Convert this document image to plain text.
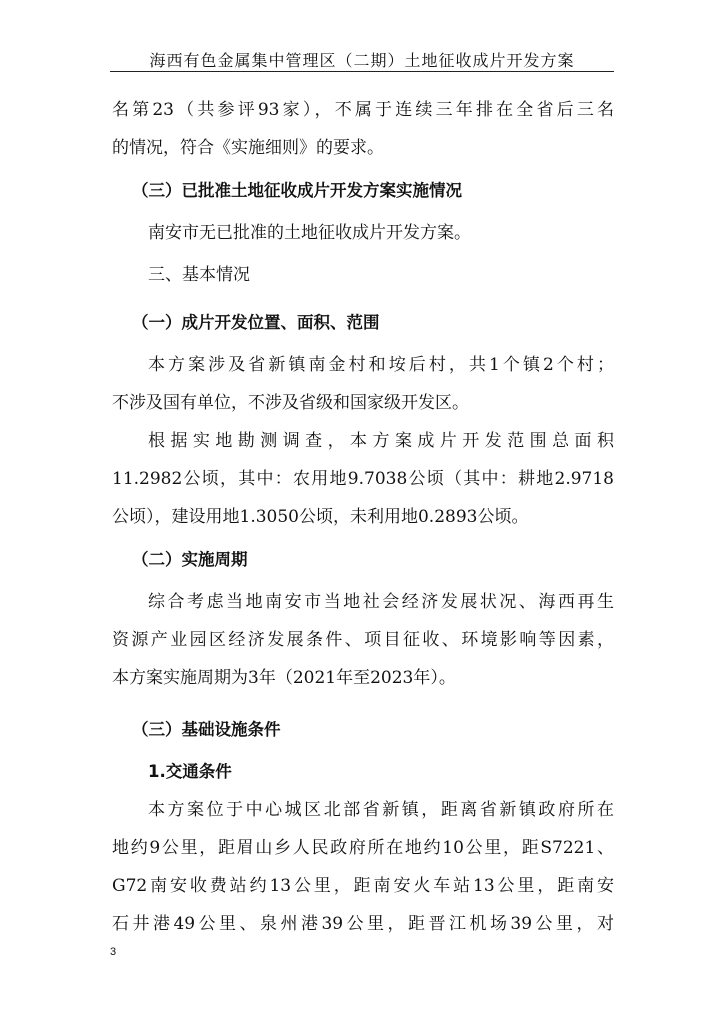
海西有色金属集中管理区（二期）土地征收成片开发方案
名第23（共参评93家），不属于连续三年排在全省后三名
的情况，符合《实施细则》的要求。
（三）已批准土地征收成片开发方案实施情况
南安市无已批准的土地征收成片开发方案。
三、基本情况
（一）成片开发位置、面积、范围
本方案涉及省新镇南金村和垵后村，共1个镇2个村；
不涉及国有单位，不涉及省级和国家级开发区。
根据实地勘测调查，本方案成片开发范围总面积
11.2982公顷，其中：农用地9.7038公顷（其中：耕地2.9718
公顷），建设用地1.3050公顷，未利用地0.2893公顷。
（二）实施周期
综合考虑当地南安市当地社会经济发展状况、海西再生
资源产业园区经济发展条件、项目征收、环境影响等因素，
本方案实施周期为3年（2021年至2023年）。
（三）基础设施条件
1.交通条件
本方案位于中心城区北部省新镇，距离省新镇政府所在
地约9公里，距眉山乡人民政府所在地约10公里，距S7221、
G72南安收费站约13公里，距南安火车站13公里，距南安
石井港49公里、泉州港39公里，距晋江机场39公里，对
3
